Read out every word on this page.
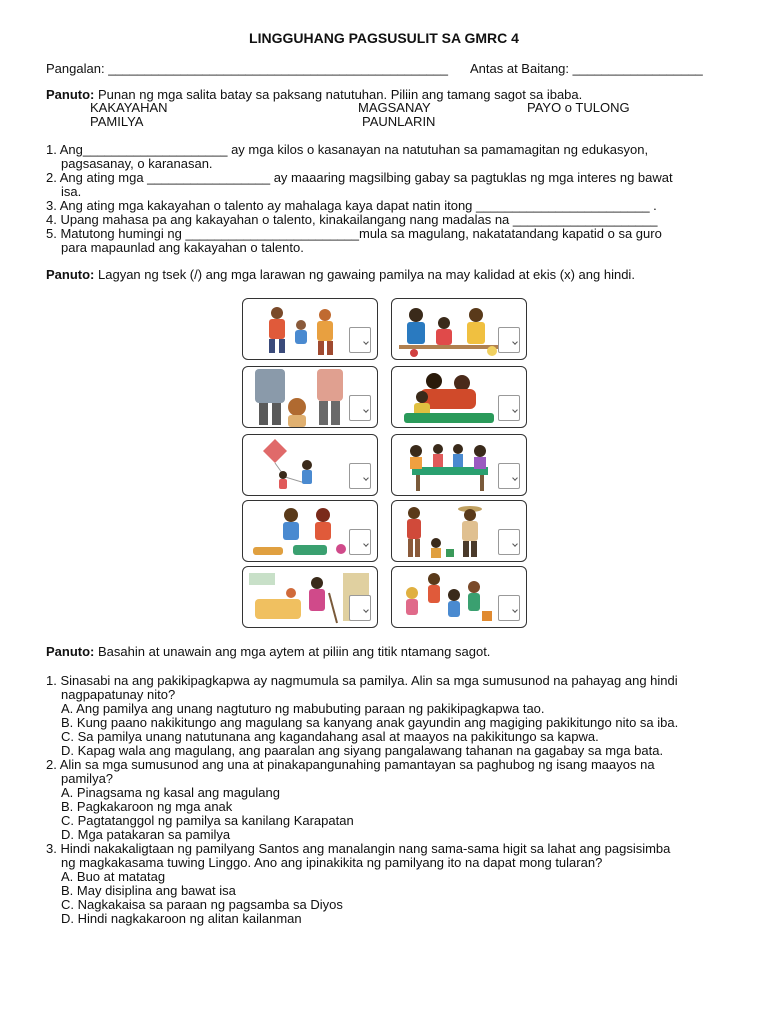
LINGGUHANG PAGSUSULIT SA GMRC 4
Pangalan: _______________________________________________ Antas at Baitang: __________________
Panuto: Punan ng mga salita batay sa paksang natutuhan. Piliin ang tamang sagot sa ibaba.
KAKAYAHAN	MAGSANAY	PAYO o TULONG
PAMILYA	PAUNLARIN
1. Ang____________________ ay mga kilos o kasanayan na natutuhan sa pamamagitan ng edukasyon,
pagsasanay, o karanasan.
2. Ang ating mga _________________ ay maaaring magsilbing gabay sa pagtuklas ng mga interes ng bawat
isa.
3. Ang ating mga kakayahan o talento ay mahalaga kaya dapat natin itong ________________________ .
4. Upang mahasa pa ang kakayahan o talento, kinakailangang nang madalas na ____________________
5. Matutong humingi ng ________________________mula sa magulang, nakatatandang kapatid o sa guro
para mapaunlad ang kakayahan o talento.
Panuto: Lagyan ng tsek (/) ang mga larawan ng gawaing pamilya na may kalidad at ekis (x) ang hindi.
Panuto: Basahin at unawain ang mga aytem at piliin ang titik ntamang sagot.
1. Sinasabi na ang pakikipagkapwa ay nagmumula sa pamilya. Alin sa mga sumusunod na pahayag ang hindi
nagpapatunay nito?
A. Ang pamilya ang unang nagtuturo ng mabubuting paraan ng pakikipagkapwa tao.
B. Kung paano nakikitungo ang magulang sa kanyang anak gayundin ang magiging pakikitungo nito sa iba.
C. Sa pamilya unang natutunana ang kagandahang asal at maayos na pakikitungo sa kapwa.
D. Kapag wala ang magulang, ang paaralan ang siyang pangalawang tahanan na gagabay sa mga bata.
2. Alin sa mga sumusunod ang una at pinakapangunahing pamantayan sa paghubog ng isang maayos na
pamilya?
A. Pinagsama ng kasal ang magulang
B. Pagkakaroon ng mga anak
C. Pagtatanggol ng pamilya sa kanilang Karapatan
D. Mga patakaran sa pamilya
3. Hindi nakakaligtaan ng pamilyang Santos ang manalangin nang sama-sama higit sa lahat ang pagsisimba
ng magkakasama tuwing Linggo. Ano ang ipinakikita ng pamilyang ito na dapat mong tularan?
A. Buo at matatag
B. May disiplina ang bawat isa
C. Nagkakaisa sa paraan ng pagsamba sa Diyos
D. Hindi nagkakaroon ng alitan kailanman
